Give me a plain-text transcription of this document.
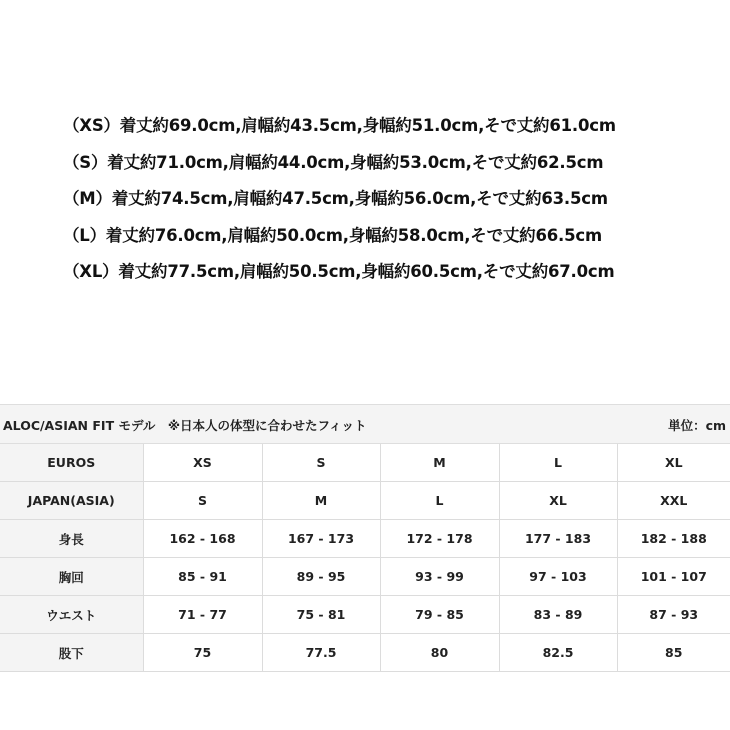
（XS）着丈約69.0cm,肩幅約43.5cm,身幅約51.0cm,そで丈約61.0cm
（S）着丈約71.0cm,肩幅約44.0cm,身幅約53.0cm,そで丈約62.5cm
（M）着丈約74.5cm,肩幅約47.5cm,身幅約56.0cm,そで丈約63.5cm
（L）着丈約76.0cm,肩幅約50.0cm,身幅約58.0cm,そで丈約66.5cm
（XL）着丈約77.5cm,肩幅約50.5cm,身幅約60.5cm,そで丈約67.0cm
ALOC/ASIAN FIT モデル　※日本人の体型に合わせたフィット	単位：cm
EUROS	XS	S	M	L	XL
JAPAN(ASIA)	S	M	L	XL	XXL
身長	162 - 168	167 - 173	172 - 178	177 - 183	182 - 188
胸回	85 - 91	89 - 95	93 - 99	97 - 103	101 - 107
ウエスト	71 - 77	75 - 81	79 - 85	83 - 89	87 - 93
股下	75	77.5	80	82.5	85
